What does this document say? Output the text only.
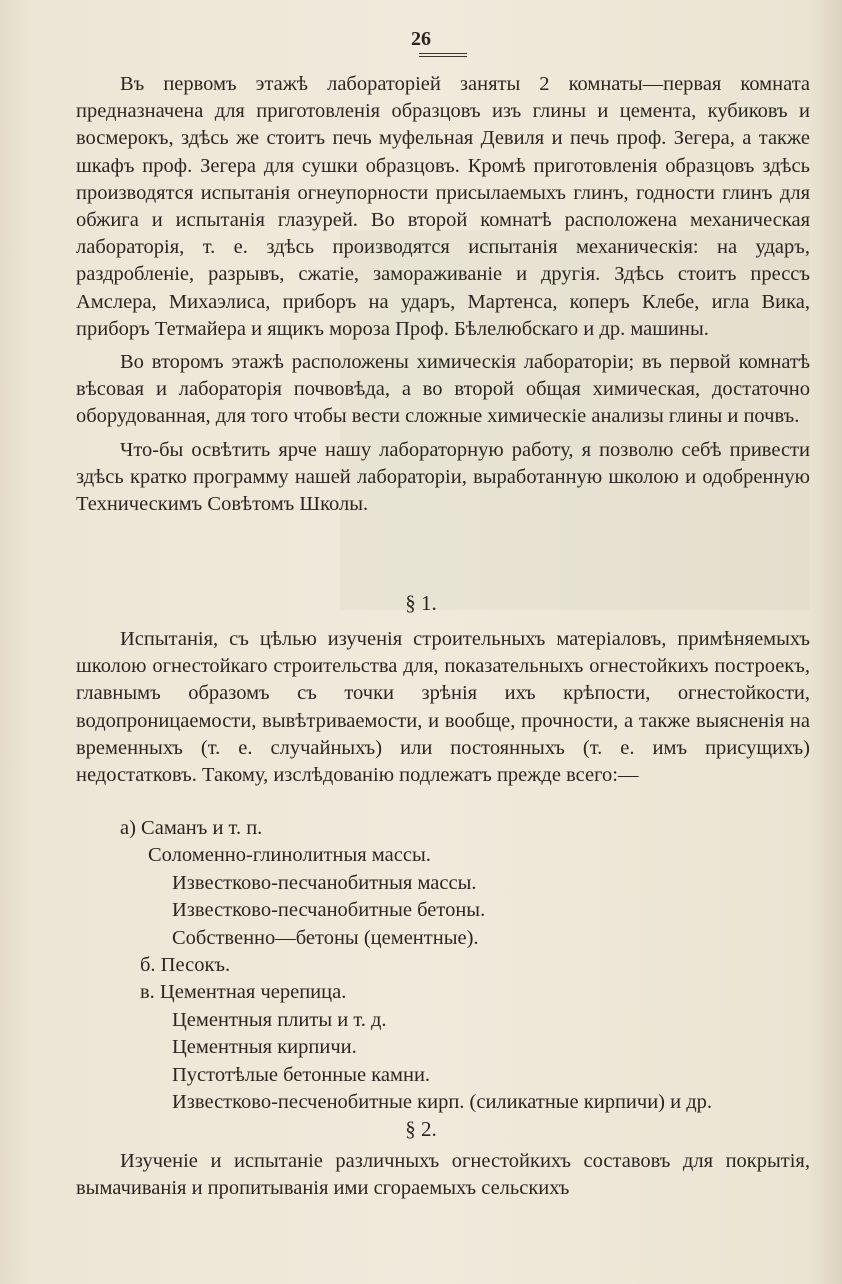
26

Въ первомъ этажѣ лабораторіей заняты 2 комнаты—первая комната предназначена для приготовленія образцовъ изъ глины и цемента, кубиковъ и восмерокъ, здѣсь же стоитъ печь муфельная Девиля и печь проф. Зегера, а также шкафъ проф. Зегера для сушки образцовъ. Кромѣ приготовленія образцовъ здѣсь производятся испытанія огнеупорности присылаемыхъ глинъ, годности глинъ для обжига и испытанія глазурей. Во второй комнатѣ расположена механическая лабораторія, т. е. здѣсь производятся испытанія механическія: на ударъ, раздробленіе, разрывъ, сжатіе, замораживаніе и другія. Здѣсь стоитъ прессъ Амслера, Михаэлиса, приборъ на ударъ, Мартенса, коперъ Клебе, игла Вика, приборъ Тетмайера и ящикъ мороза Проф. Бѣлелюбскаго и др. машины.

Во второмъ этажѣ расположены химическія лабораторіи; въ первой комнатѣ вѣсовая и лабораторія почвовѣда, а во второй общая химическая, достаточно оборудованная, для того чтобы вести сложные химическіе анализы глины и почвъ.

Что-бы освѣтить ярче нашу лабораторную работу, я позволю себѣ привести здѣсь кратко программу нашей лабораторіи, выработанную школою и одобренную Техническимъ Совѣтомъ Школы.

§ 1.

Испытанія, съ цѣлью изученія строительныхъ матеріаловъ, примѣняемыхъ школою огнестойкаго строительства для, показательныхъ огнестойкихъ построекъ, главнымъ образомъ съ точки зрѣнія ихъ крѣпости, огнестойкости, водопроницаемости, вывѣтриваемости, и вообще, прочности, а также выясненія на временныхъ (т. е. случайныхъ) или постоянныхъ (т. е. имъ присущихъ) недостатковъ. Такому, изслѣдованію подлежатъ прежде всего:—

а) Саманъ и т. п.
Соломенно-глинолитныя массы.
Известково-песчанобитныя массы.
Известково-песчанобитные бетоны.
Собственно—бетоны (цементные).
б. Песокъ.
в. Цементная черепица.
Цементныя плиты и т. д.
Цементныя кирпичи.
Пустотѣлые бетонные камни.
Известково-песченобитные кирп. (силикатные кирпичи) и др.
§ 2.

Изученіе и испытаніе различныхъ огнестойкихъ составовъ для покрытія, вымачиванія и пропитыванія ими сгораемыхъ сельскихъ
